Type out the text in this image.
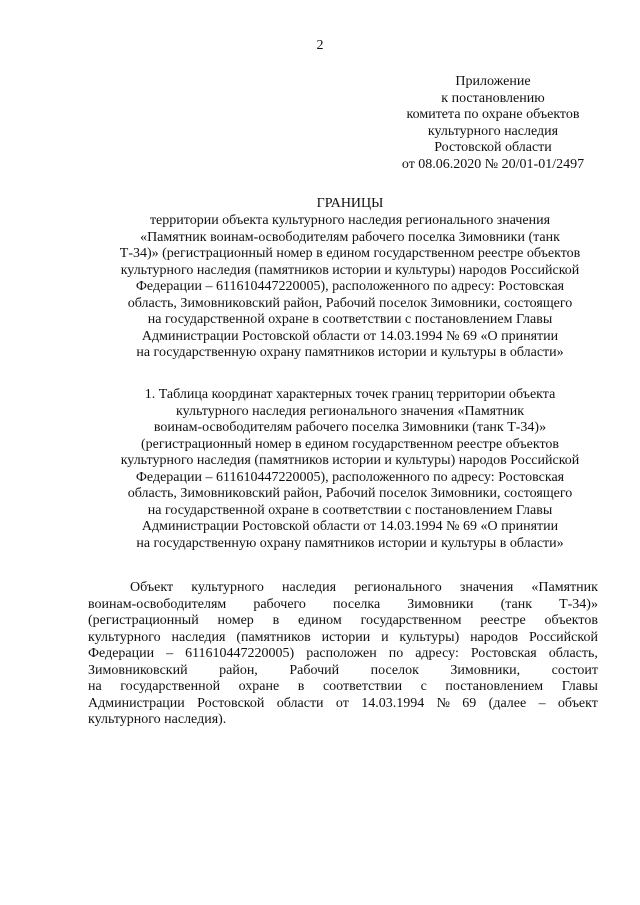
2
Приложение
к постановлению
комитета по охране объектов
культурного наследия
Ростовской области
от 08.06.2020 № 20/01-01/2497
ГРАНИЦЫ
территории объекта культурного наследия регионального значения
«Памятник воинам-освободителям рабочего поселка Зимовники (танк
Т-34)» (регистрационный номер в едином государственном реестре объектов
культурного наследия (памятников истории и культуры) народов Российской
Федерации – 611610447220005), расположенного по адресу: Ростовская
область, Зимовниковский район, Рабочий поселок Зимовники, состоящего
на государственной охране в соответствии с постановлением Главы
Администрации Ростовской области от 14.03.1994 № 69 «О принятии
на государственную охрану памятников истории и культуры в области»
1. Таблица координат характерных точек границ территории объекта
культурного наследия регионального значения «Памятник
воинам-освободителям рабочего поселка Зимовники (танк Т-34)»
(регистрационный номер в едином государственном реестре объектов
культурного наследия (памятников истории и культуры) народов Российской
Федерации – 611610447220005), расположенного по адресу: Ростовская
область, Зимовниковский район, Рабочий поселок Зимовники, состоящего
на государственной охране в соответствии с постановлением Главы
Администрации Ростовской области от 14.03.1994 № 69 «О принятии
на государственную охрану памятников истории и культуры в области»
Объект культурного наследия регионального значения «Памятник
воинам-освободителям рабочего поселка Зимовники (танк Т-34)»
(регистрационный номер в едином государственном реестре объектов
культурного наследия (памятников истории и культуры) народов Российской
Федерации – 611610447220005) расположен по адресу: Ростовская область,
Зимовниковский район, Рабочий поселок Зимовники, состоит
на государственной охране в соответствии с постановлением Главы
Администрации Ростовской области от 14.03.1994 № 69 (далее – объект
культурного наследия).
